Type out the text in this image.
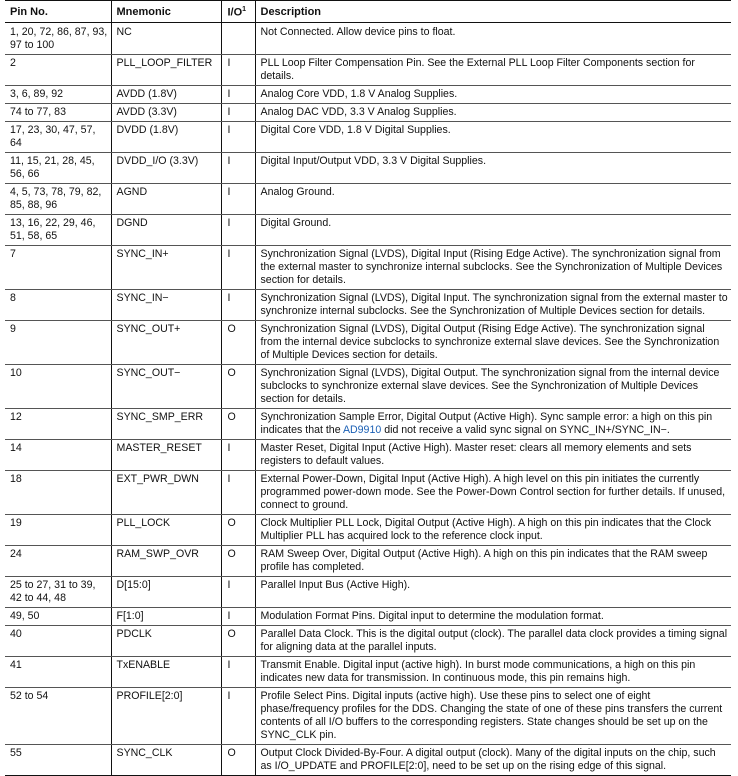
Pin No.	Mnemonic	$I/O^1$	Description
1, 20, 72, 86, 87, 93, 97 to 100	NC		Not Connected. Allow device pins to float.
2	PLL_LOOP_FILTER	I	PLL Loop Filter Compensation Pin. See the External PLL Loop Filter Components section for details.
3, 6, 89, 92	AVDD (1.8V)	I	Analog Core VDD, 1.8 V Analog Supplies.
74 to 77, 83	AVDD (3.3V)	I	Analog DAC VDD, 3.3 V Analog Supplies.
17, 23, 30, 47, 57, 64	DVDD (1.8V)	I	Digital Core VDD, 1.8 V Digital Supplies.
11, 15, 21, 28, 45, 56, 66	DVDD_I/O (3.3V)	I	Digital Input/Output VDD, 3.3 V Digital Supplies.
4, 5, 73, 78, 79, 82, 85, 88, 96	AGND	I	Analog Ground.
13, 16, 22, 29, 46, 51, 58, 65	DGND	I	Digital Ground.
7	SYNC_IN+	I	Synchronization Signal (LVDS), Digital Input (Rising Edge Active). The synchronization signal from the external master to synchronize internal subclocks. See the Synchronization of Multiple Devices section for details.
8	SYNC_IN−	I	Synchronization Signal (LVDS), Digital Input. The synchronization signal from the external master to synchronize internal subclocks. See the Synchronization of Multiple Devices section for details.
9	SYNC_OUT+	O	Synchronization Signal (LVDS), Digital Output (Rising Edge Active). The synchronization signal from the internal device subclocks to synchronize external slave devices. See the Synchronization of Multiple Devices section for details.
10	SYNC_OUT−	O	Synchronization Signal (LVDS), Digital Output. The synchronization signal from the internal device subclocks to synchronize external slave devices. See the Synchronization of Multiple Devices section for details.
12	SYNC_SMP_ERR	O	Synchronization Sample Error, Digital Output (Active High). Sync sample error: a high on this pin indicates that the AD9910 did not receive a valid sync signal on SYNC_IN+/SYNC_IN−.
14	MASTER_RESET	I	Master Reset, Digital Input (Active High). Master reset: clears all memory elements and sets registers to default values.
18	EXT_PWR_DWN	I	External Power-Down, Digital Input (Active High). A high level on this pin initiates the currently programmed power-down mode. See the Power-Down Control section for further details. If unused, connect to ground.
19	PLL_LOCK	O	Clock Multiplier PLL Lock, Digital Output (Active High). A high on this pin indicates that the Clock Multiplier PLL has acquired lock to the reference clock input.
24	RAM_SWP_OVR	O	RAM Sweep Over, Digital Output (Active High). A high on this pin indicates that the RAM sweep profile has completed.
25 to 27, 31 to 39, 42 to 44, 48	D[15:0]	I	Parallel Input Bus (Active High).
49, 50	F[1:0]	I	Modulation Format Pins. Digital input to determine the modulation format.
40	PDCLK	O	Parallel Data Clock. This is the digital output (clock). The parallel data clock provides a timing signal for aligning data at the parallel inputs.
41	TxENABLE	I	Transmit Enable. Digital input (active high). In burst mode communications, a high on this pin indicates new data for transmission. In continuous mode, this pin remains high.
52 to 54	PROFILE[2:0]	I	Profile Select Pins. Digital inputs (active high). Use these pins to select one of eight phase/frequency profiles for the DDS. Changing the state of one of these pins transfers the current contents of all I/O buffers to the corresponding registers. State changes should be set up on the SYNC_CLK pin.
55	SYNC_CLK	O	Output Clock Divided-By-Four. A digital output (clock). Many of the digital inputs on the chip, such as I/O_UPDATE and PROFILE[2:0], need to be set up on the rising edge of this signal.
